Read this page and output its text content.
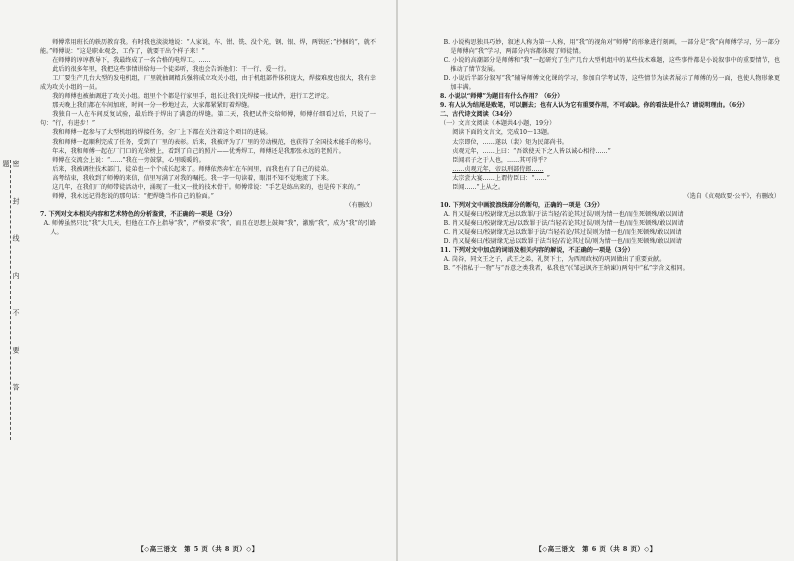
师傅常用班长的轶历教育我。有时我也淡淡地说：“人家说，车、钳、铣、没个光，钢、银、焊，两铁匠；”抄捆的“，就不能。”师傅说：“这是职业观念，工作了，就要干出个样子来！”

在师傅的谆谆教导下，我最终成了一名合格的电焊工。……

此后的很多年里，我把这些事情讲给每一个徒弟听，我也会告诉他们：干一行、爱一行。

工厂要生产几台大型的发电机组，厂里就抽调精兵强将成立攻关小组，由于机组部件体积庞大，焊接难度也很大，我有幸成为攻关小组的一员。

我的师傅也被抽调进了攻关小组。组里个个都是行家里手，组长让我们先焊接一批试件，进行工艺评定。

那天晚上我们都在车间加班，时间一分一秒地过去，大家都紧紧盯着焊缝。

我独自一人在车间反复试验，最后终于焊出了满意的焊缝。第二天，我把试件交给师傅，师傅仔细看过后，只说了一句：“行，有进步！”

我和师傅一起参与了大型机组的焊接任务，全厂上下都在关注着这个项目的进展。

我和师傅一起顺利完成了任务，受到了厂里的表彰。后来，我被评为了厂里的劳动模范，也获得了全国技术能手的称号。

年末，我和师傅一起在厂门口的光荣榜上，看到了自己的照片——优秀焊工，师傅还是我那张永远的老照片。

师傅在交流会上说：“……”我在一旁鼓掌，心里暖暖的。

后来，我被调往技术部门，徒弟也一个个成长起来了。师傅依然奔忙在车间里，而我也有了自己的徒弟。

高考结束，我收到了师傅的来信，信里写满了对我的嘱托。我一字一句读着，眼泪不知不觉地流了下来。

这几年，在我们厂的师带徒活动中，涌现了一批又一批的技术骨干。师傅常说：“手艺是练出来的，也是传下来的。”

师傅，我永远记得您说的那句话：“把焊缝当作自己的脸面。”

（有删改）

7. 下列对文本相关内容和艺术特色的分析鉴赏，不正确的一项是（3分）

A. 师傅虽然只比“我”大几天，但他在工作上指导“我”，严格要求“我”，而且在思想上鼓舞“我”，激励“我”，成为“我”的引路人。

【◇高三语文　第 5 页（共 8 页）◇】
密 封 线 内 不 要 答 题

B. 小说构思独具巧妙，叙述人称为第一人称，用“我”的视角对“师傅”的形象进行刻画，一部分是“我”向师傅学习，另一部分是师傅向“我”学习，两部分内容都体现了师徒情。

C. 小说的高潮部分是师傅和“我”一起研究了生产几台大型机组中的某些技术难题，这些事件都是小说叙事中的重要情节，也推动了情节发展。

D. 小说后半部分叙写“我”辅导师傅文化课的学习，参加自学考试等，这些情节为读者展示了师傅的另一面，也使人物形象更加丰满。

8. 小说以“师傅”为题目有什么作用？（6分）

9. 有人认为结尾是败笔，可以删去；也有人认为它有重要作用，不可或缺。你的看法是什么？请说明理由。（6分）

二、古代诗文阅读（34分）

（一）文言文阅读（本题共4小题，19分）

阅读下面的文言文，完成10～13题。

太宗即位，……遂以（裴）矩为民部尚书。

贞观元年，……上曰：“吾欲使天下之人皆以诚心相待……”

臣闻君子之于人也，……其可得乎？

……贞观元年，帝以刑部侍郎……

太宗尝大宴……上谓侍臣曰：“……”

臣闻……”上从之。

（选自《贞观政要·公平》，有删改）

10. 下列对文中画波浪线部分的断句，正确的一项是（3分）

A. 肖又疑奏曰/校尉缘无忌以致罪/于法当轻/若论其过误/则为情一也/而生死顿殊/敢以固请

B. 肖又疑奏曰/校尉缘无忌/以致罪于法/当轻若论其过误/则为情一也/而生死顿殊/敢以固请

C. 肖又疑奏曰/校尉缘无忌以致罪于法/当轻若论/其过误则为情一也/而生死顿殊/敢以固请

D. 肖又疑奏曰/校尉缘无忌以致罪于法当轻/若论其过误/则为情一也/而生死顿殊/敢以固请

11. 下列对文中加点的词语及相关内容的解说，不正确的一项是（3分）

A. 岗谷，同文王之子，武王之弟，礼贤下士，为西周政权的巩固做出了重要贡献。

B. “不指私于一物”与“吾意之类我者，私我也”(《邹忌讽齐王纳谏》)两句中“私”字含义相同。

【◇高三语文　第 6 页（共 8 页）◇】
